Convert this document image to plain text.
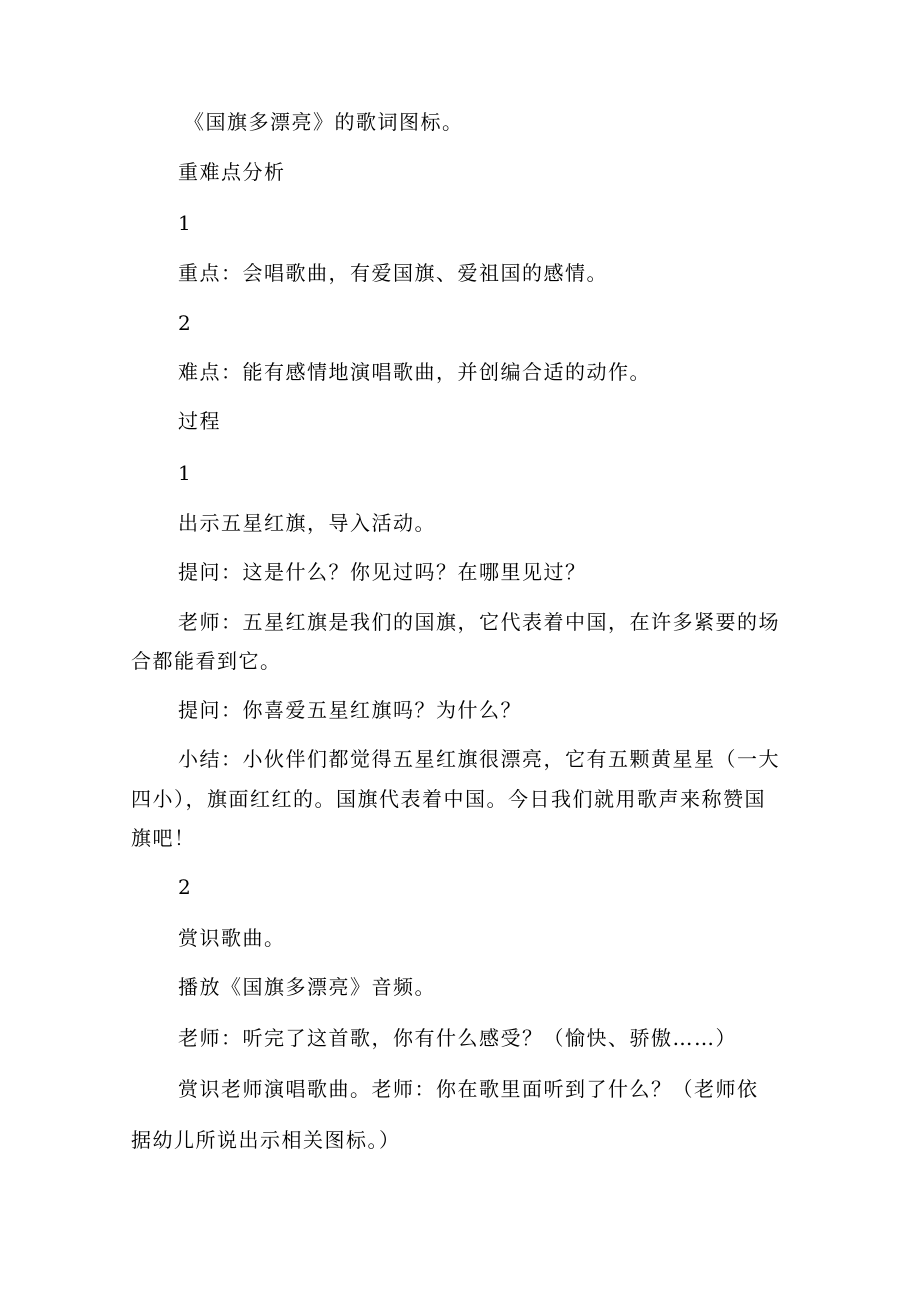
《国旗多漂亮》的歌词图标。
重难点分析
1
重点：会唱歌曲，有爱国旗、爱祖国的感情。
2
难点：能有感情地演唱歌曲，并创编合适的动作。
过程
1
出示五星红旗，导入活动。
提问：这是什么？你见过吗？在哪里见过？
老师：五星红旗是我们的国旗，它代表着中国，在许多紧要的场
合都能看到它。
提问：你喜爱五星红旗吗？为什么？
小结：小伙伴们都觉得五星红旗很漂亮，它有五颗黄星星（一大
四小），旗面红红的。国旗代表着中国。今日我们就用歌声来称赞国
旗吧！
2
赏识歌曲。
播放《国旗多漂亮》音频。
老师：听完了这首歌，你有什么感受？（愉快、骄傲……）
赏识老师演唱歌曲。老师：你在歌里面听到了什么？（老师依
据幼儿所说出示相关图标。）
